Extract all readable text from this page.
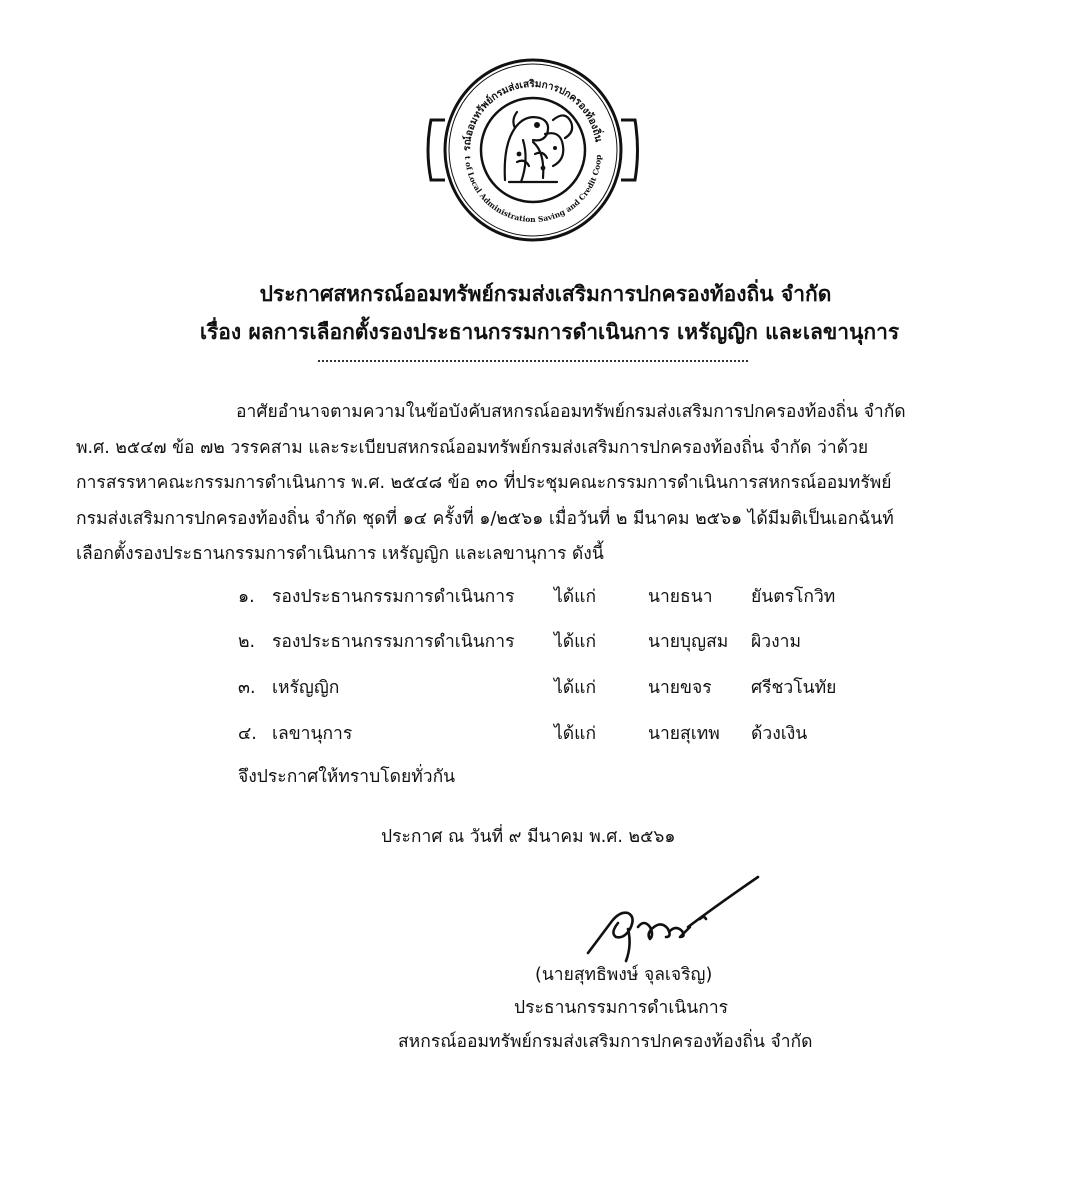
รณ์ออมทรัพย์กรมส่งเสริมการปกครองท้องถิ่น
t of Local Administration Saving and Credit Coop
ประกาศสหกรณ์ออมทรัพย์กรมส่งเสริมการปกครองท้องถิ่น จำกัด
เรื่อง ผลการเลือกตั้งรองประธานกรรมการดำเนินการ เหรัญญิก และเลขานุการ
อาศัยอำนาจตามความในข้อบังคับสหกรณ์ออมทรัพย์กรมส่งเสริมการปกครองท้องถิ่น จำกัด
พ.ศ. ๒๕๔๗ ข้อ ๗๒ วรรคสาม และระเบียบสหกรณ์ออมทรัพย์กรมส่งเสริมการปกครองท้องถิ่น จำกัด ว่าด้วย
การสรรหาคณะกรรมการดำเนินการ พ.ศ. ๒๕๔๘ ข้อ ๓๐ ที่ประชุมคณะกรรมการดำเนินการสหกรณ์ออมทรัพย์
กรมส่งเสริมการปกครองท้องถิ่น จำกัด ชุดที่ ๑๔ ครั้งที่ ๑/๒๕๖๑ เมื่อวันที่ ๒ มีนาคม ๒๕๖๑ ได้มีมติเป็นเอกฉันท์
เลือกตั้งรองประธานกรรมการดำเนินการ เหรัญญิก และเลขานุการ ดังนี้
๑. รองประธานกรรมการดำเนินการ ได้แก่	นายธนา ยันตรโกวิท
๒. รองประธานกรรมการดำเนินการ ได้แก่	นายบุญสม ผิวงาม
๓. เหรัญญิก	ได้แก่	นายขจร ศรีชวโนทัย
๔. เลขานุการ	ได้แก่	นายสุเทพ ด้วงเงิน
จึงประกาศให้ทราบโดยทั่วกัน
ประกาศ ณ วันที่ ๙ มีนาคม พ.ศ. ๒๕๖๑
(นายสุทธิพงษ์ จุลเจริญ)
ประธานกรรมการดำเนินการ
สหกรณ์ออมทรัพย์กรมส่งเสริมการปกครองท้องถิ่น จำกัด
